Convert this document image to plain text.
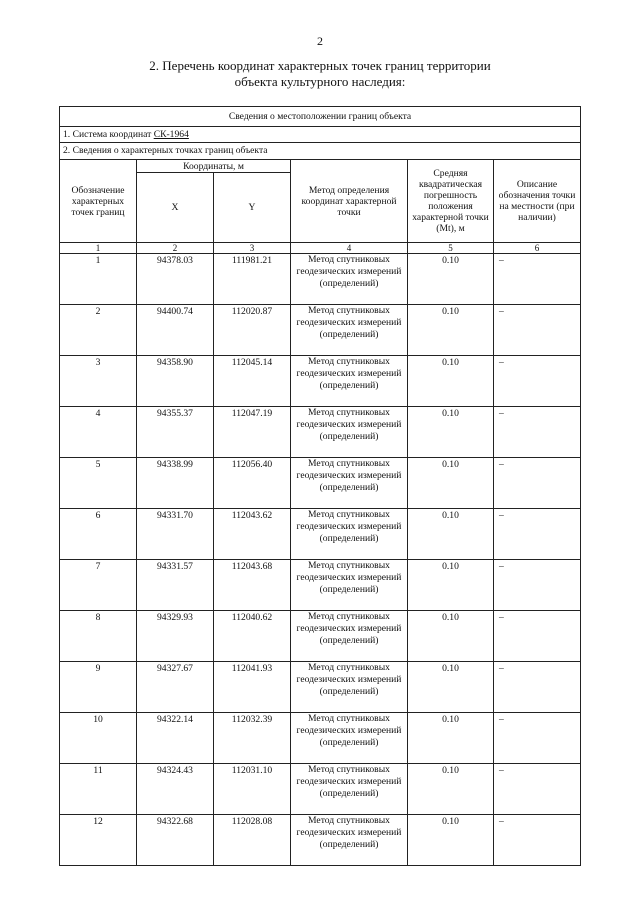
2
2. Перечень координат характерных точек границ территории
объекта культурного наследия:
Сведения о местоположении границ объекта					
1. Система координат СК-1964					
2. Сведения о характерных точках границ объекта					
Обозначение характерных точек границ	Координаты, м		Метод определения координат характерной точки	Средняя квадратическая погрешность положения характерной точки (Mt), м	Описание обозначения точки на местности (при наличии)
	X	Y			
1	2	3	4	5	6
1	94378.03	111981.21	Метод спутниковых геодезических измерений (определений)	0.10	–
2	94400.74	112020.87	Метод спутниковых геодезических измерений (определений)	0.10	–
3	94358.90	112045.14	Метод спутниковых геодезических измерений (определений)	0.10	–
4	94355.37	112047.19	Метод спутниковых геодезических измерений (определений)	0.10	–
5	94338.99	112056.40	Метод спутниковых геодезических измерений (определений)	0.10	–
6	94331.70	112043.62	Метод спутниковых геодезических измерений (определений)	0.10	–
7	94331.57	112043.68	Метод спутниковых геодезических измерений (определений)	0.10	–
8	94329.93	112040.62	Метод спутниковых геодезических измерений (определений)	0.10	–
9	94327.67	112041.93	Метод спутниковых геодезических измерений (определений)	0.10	–
10	94322.14	112032.39	Метод спутниковых геодезических измерений (определений)	0.10	–
11	94324.43	112031.10	Метод спутниковых геодезических измерений (определений)	0.10	–
12	94322.68	112028.08	Метод спутниковых геодезических измерений (определений)	0.10	–
